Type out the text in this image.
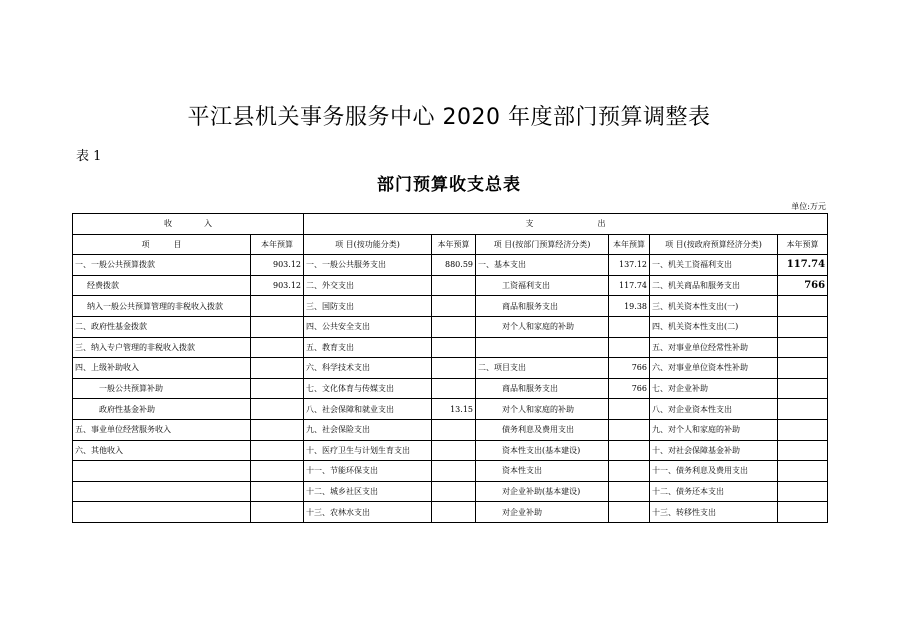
平江县机关事务服务中心 2020 年度部门预算调整表
表 1
部门预算收支总表
单位:万元
收　　　　入		支　　　　　　　　出					
项　　　目	本年预算	项 目(按功能分类)	本年预算	项 目(按部门预算经济分类)	本年预算	项 目(按政府预算经济分类)	本年预算
一、一般公共预算拨款	903.12	一、一般公共服务支出	880.59	一、基本支出	137.12	一、机关工资福利支出	117.74
经费拨款	903.12	二、外交支出		工资福利支出	117.74	二、机关商品和服务支出	766
纳入一般公共预算管理的非税收入拨款		三、国防支出		商品和服务支出	19.38	三、机关资本性支出(一)	
二、政府性基金拨款		四、公共安全支出		对个人和家庭的补助		四、机关资本性支出(二)	
三、纳入专户管理的非税收入拨款		五、教育支出				五、对事业单位经常性补助	
四、上级补助收入		六、科学技术支出		二、项目支出	766	六、对事业单位资本性补助	
一般公共预算补助		七、文化体育与传媒支出		商品和服务支出	766	七、对企业补助	
政府性基金补助		八、社会保障和就业支出	13.15	对个人和家庭的补助		八、对企业资本性支出	
五、事业单位经营服务收入		九、社会保险支出		债务利息及费用支出		九、对个人和家庭的补助	
六、其他收入		十、医疗卫生与计划生育支出		资本性支出(基本建设)		十、对社会保障基金补助	
		十一、节能环保支出		资本性支出		十一、债务利息及费用支出	
		十二、城乡社区支出		对企业补助(基本建设)		十二、债务还本支出	
		十三、农林水支出		对企业补助		十三、转移性支出	
